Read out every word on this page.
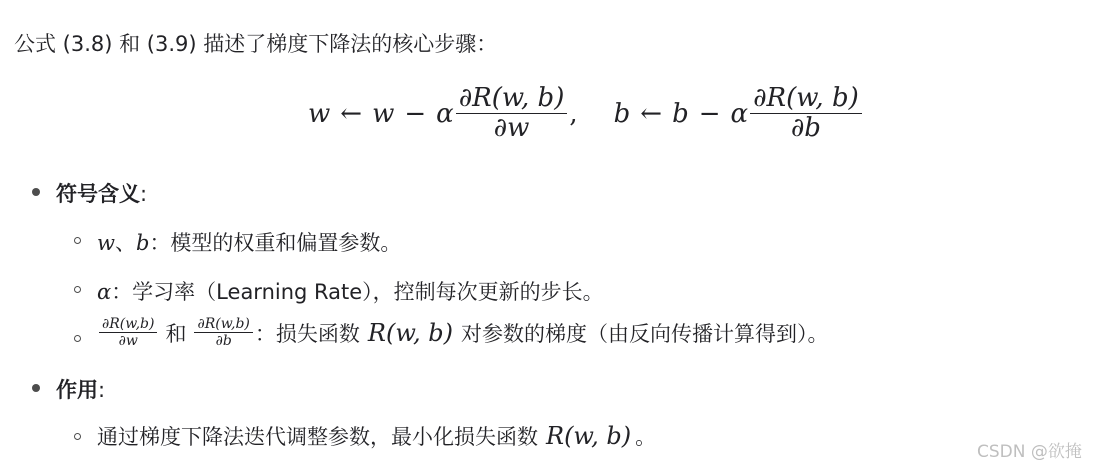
公式 (3.8) 和 (3.9) 描述了梯度下降法的核心步骤：
w ← w − α $\frac{\partial R(w, b)}{\partial w}$ , b ← b − α $\frac{\partial R(w, b)}{\partial b}$
符号含义:
w、b：模型的权重和偏置参数。
α：学习率（Learning Rate），控制每次更新的步长。
$\frac{\partial R(w,b)}{\partial w}$ 和 $\frac{\partial R(w,b)}{\partial b}$ ：损失函数 R(w, b) 对参数的梯度（由反向传播计算得到）。
作用:
通过梯度下降法迭代调整参数，最小化损失函数 R(w, b) 。
CSDN @欲掩
